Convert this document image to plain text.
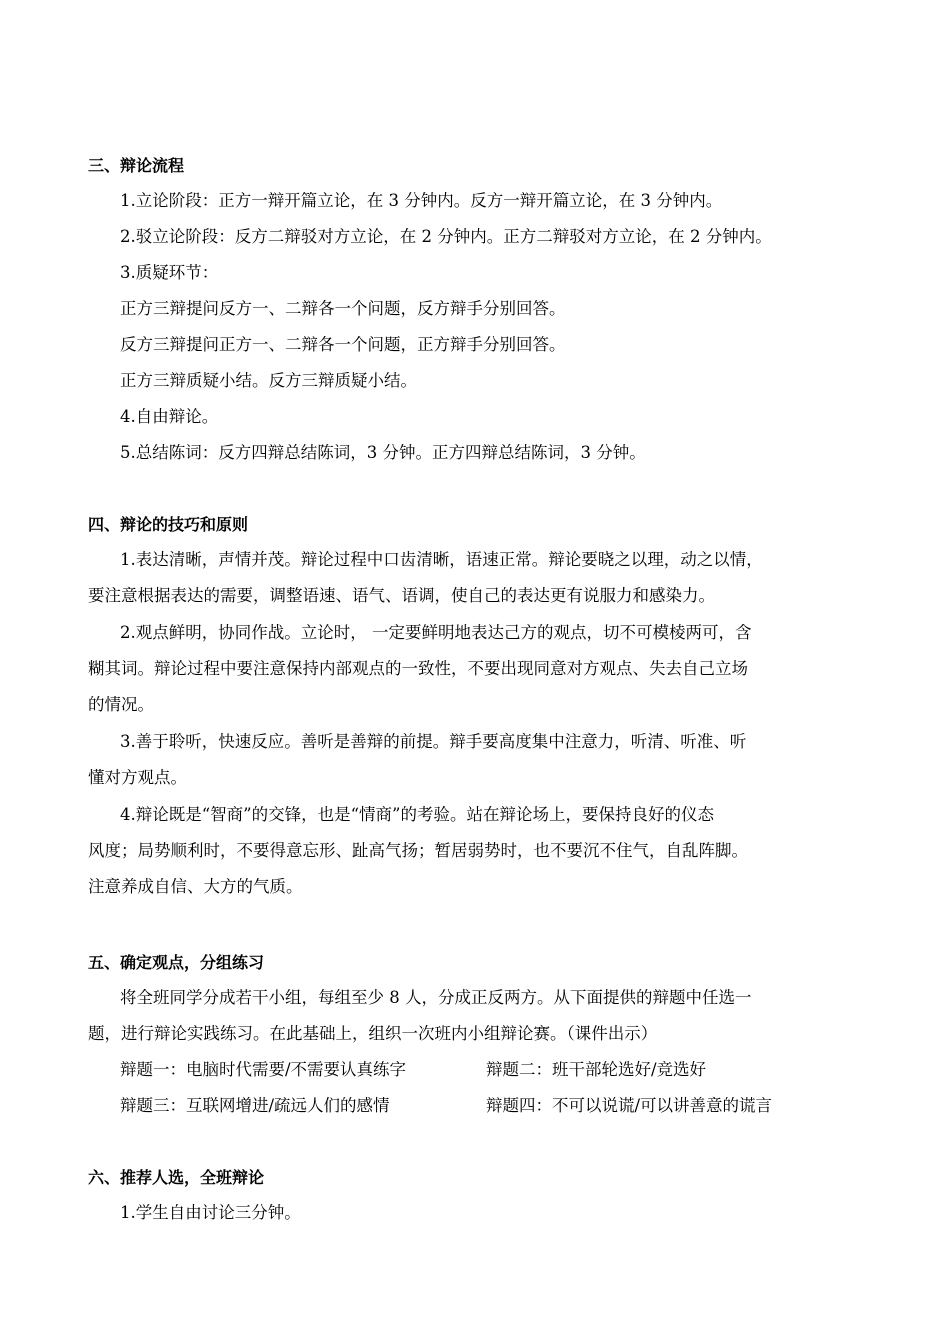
三、辩论流程
1.立论阶段：正方一辩开篇立论，在 3 分钟内。反方一辩开篇立论，在 3 分钟内。
2.驳立论阶段：反方二辩驳对方立论，在 2 分钟内。正方二辩驳对方立论，在 2 分钟内。
3.质疑环节：
正方三辩提问反方一、二辩各一个问题，反方辩手分别回答。
反方三辩提问正方一、二辩各一个问题，正方辩手分别回答。
正方三辩质疑小结。反方三辩质疑小结。
4.自由辩论。
5.总结陈词：反方四辩总结陈词，3 分钟。正方四辩总结陈词，3 分钟。
四、辩论的技巧和原则
1.表达清晰，声情并茂。辩论过程中口齿清晰，语速正常。辩论要晓之以理，动之以情，
要注意根据表达的需要，调整语速、语气、语调，使自己的表达更有说服力和感染力。
2.观点鲜明，协同作战。立论时， 一定要鲜明地表达己方的观点，切不可模棱两可，含
糊其词。辩论过程中要注意保持内部观点的一致性，不要出现同意对方观点、失去自己立场
的情况。
3.善于聆听，快速反应。善听是善辩的前提。辩手要高度集中注意力，听清、听准、听
懂对方观点。
4.辩论既是“智商”的交锋，也是“情商”的考验。站在辩论场上，要保持良好的仪态
风度；局势顺利时，不要得意忘形、趾高气扬；暂居弱势时，也不要沉不住气，自乱阵脚。
注意养成自信、大方的气质。
五、确定观点，分组练习
将全班同学分成若干小组，每组至少 8 人，分成正反两方。从下面提供的辩题中任选一
题，进行辩论实践练习。在此基础上，组织一次班内小组辩论赛。（课件出示）
辩题一：电脑时代需要/不需要认真练字	辩题二：班干部轮选好/竞选好
辩题三：互联网增进/疏远人们的感情	辩题四：不可以说谎/可以讲善意的谎言
六、推荐人选，全班辩论
1.学生自由讨论三分钟。
